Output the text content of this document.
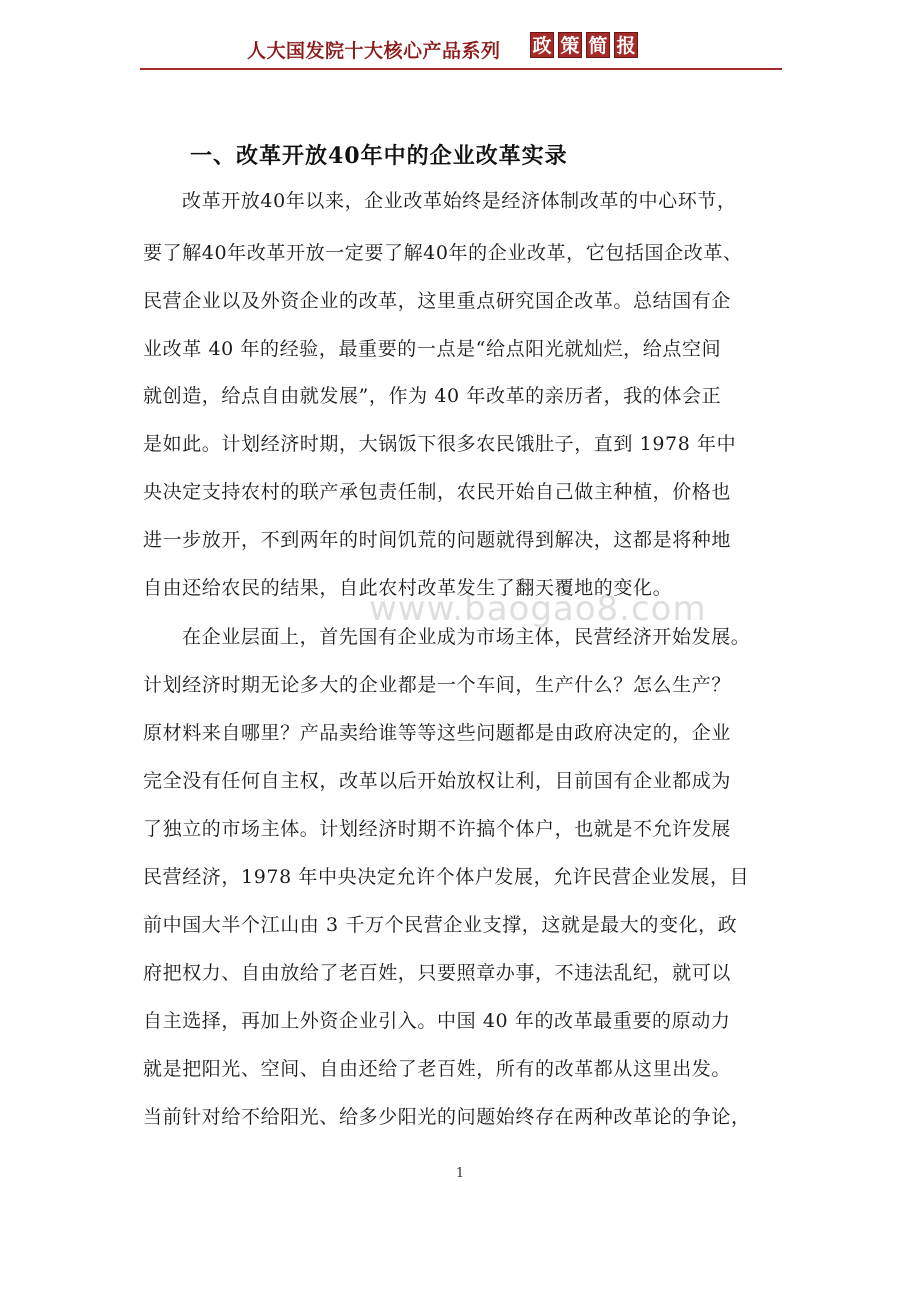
人大国发院十大核心产品系列 政 策 简 报
一、改革开放40年中的企业改革实录
改革开放40年以来，企业改革始终是经济体制改革的中心环节，
要了解40年改革开放一定要了解40年的企业改革，它包括国企改革、
民营企业以及外资企业的改革，这里重点研究国企改革。总结国有企
业改革 40 年的经验，最重要的一点是“给点阳光就灿烂，给点空间
就创造，给点自由就发展”，作为 40 年改革的亲历者，我的体会正
是如此。计划经济时期，大锅饭下很多农民饿肚子，直到 1978 年中
央决定支持农村的联产承包责任制，农民开始自己做主种植，价格也
进一步放开，不到两年的时间饥荒的问题就得到解决，这都是将种地
自由还给农民的结果，自此农村改革发生了翻天覆地的变化。
在企业层面上，首先国有企业成为市场主体，民营经济开始发展。
计划经济时期无论多大的企业都是一个车间，生产什么？怎么生产？
原材料来自哪里？产品卖给谁等等这些问题都是由政府决定的，企业
完全没有任何自主权，改革以后开始放权让利，目前国有企业都成为
了独立的市场主体。计划经济时期不许搞个体户，也就是不允许发展
民营经济，1978 年中央决定允许个体户发展，允许民营企业发展，目
前中国大半个江山由 3 千万个民营企业支撑，这就是最大的变化，政
府把权力、自由放给了老百姓，只要照章办事，不违法乱纪，就可以
自主选择，再加上外资企业引入。中国 40 年的改革最重要的原动力
就是把阳光、空间、自由还给了老百姓，所有的改革都从这里出发。
当前针对给不给阳光、给多少阳光的问题始终存在两种改革论的争论，
www.baogao8.com
1
